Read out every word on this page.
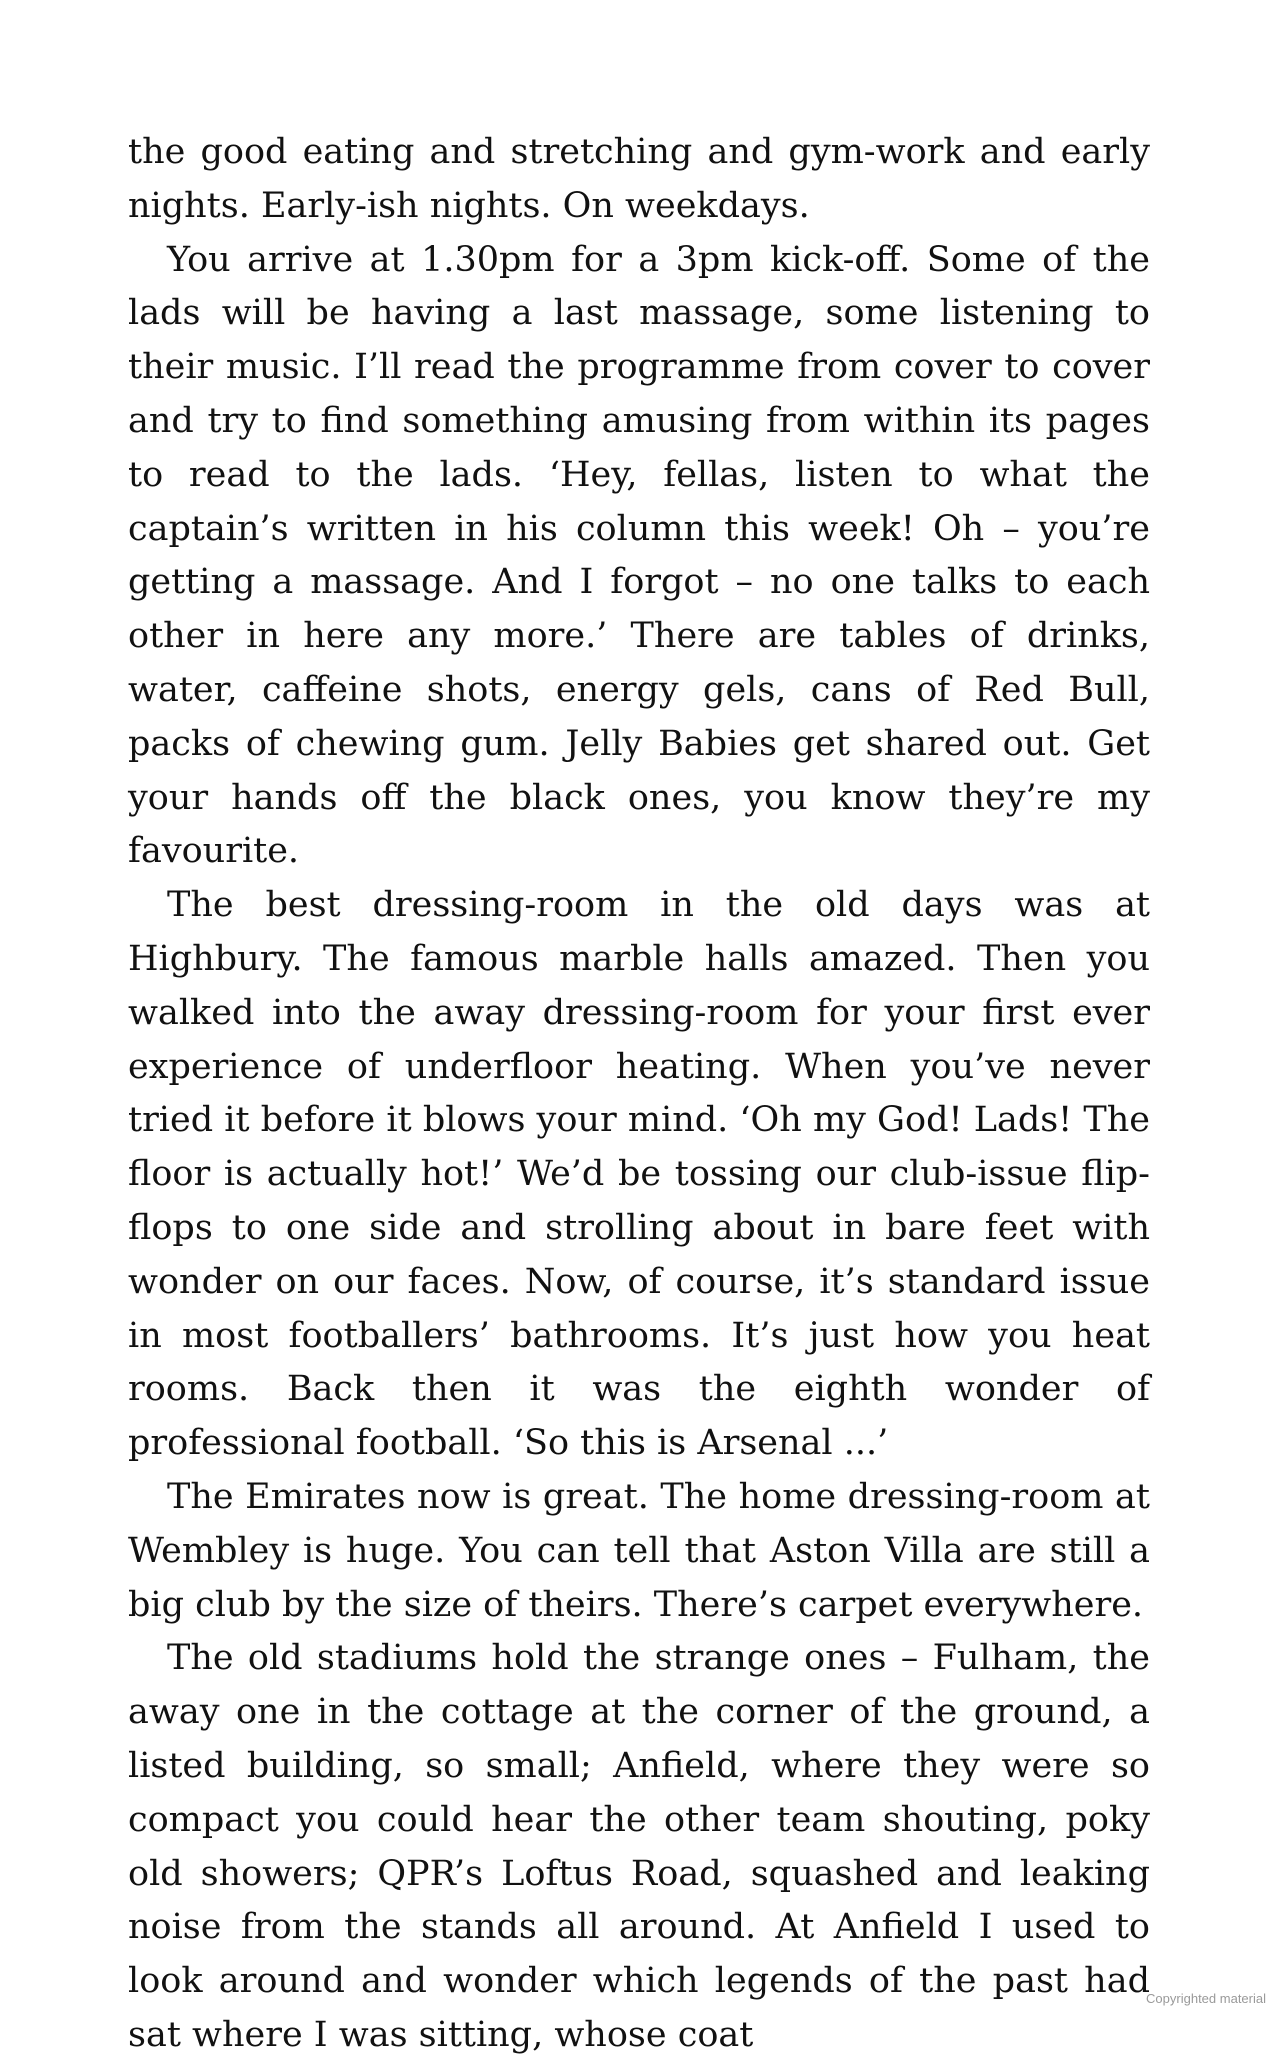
the good eating and stretching and gym-work and early nights. Early-ish nights. On weekdays.

You arrive at 1.30pm for a 3pm kick-off. Some of the lads will be having a last massage, some listening to their music. I’ll read the programme from cover to cover and try to find something amusing from within its pages to read to the lads. ‘Hey, fellas, listen to what the captain’s written in his column this week! Oh – you’re getting a massage. And I forgot – no one talks to each other in here any more.’ There are tables of drinks, water, caffeine shots, energy gels, cans of Red Bull, packs of chewing gum. Jelly Babies get shared out. Get your hands off the black ones, you know they’re my favourite.

The best dressing-room in the old days was at Highbury. The famous marble halls amazed. Then you walked into the away dressing-room for your first ever experience of underfloor heating. When you’ve never tried it before it blows your mind. ‘Oh my God! Lads! The floor is actually hot!’ We’d be tossing our club-issue flip-flops to one side and strolling about in bare feet with wonder on our faces. Now, of course, it’s standard issue in most footballers’ bathrooms. It’s just how you heat rooms. Back then it was the eighth wonder of professional football. ‘So this is Arsenal ...’

The Emirates now is great. The home dressing-room at Wembley is huge. You can tell that Aston Villa are still a big club by the size of theirs. There’s carpet everywhere.

The old stadiums hold the strange ones – Fulham, the away one in the cottage at the corner of the ground, a listed building, so small; Anfield, where they were so compact you could hear the other team shouting, poky old showers; QPR’s Loftus Road, squashed and leaking noise from the stands all around. At Anfield I used to look around and wonder which legends of the past had sat where I was sitting, whose coat

Copyrighted material
